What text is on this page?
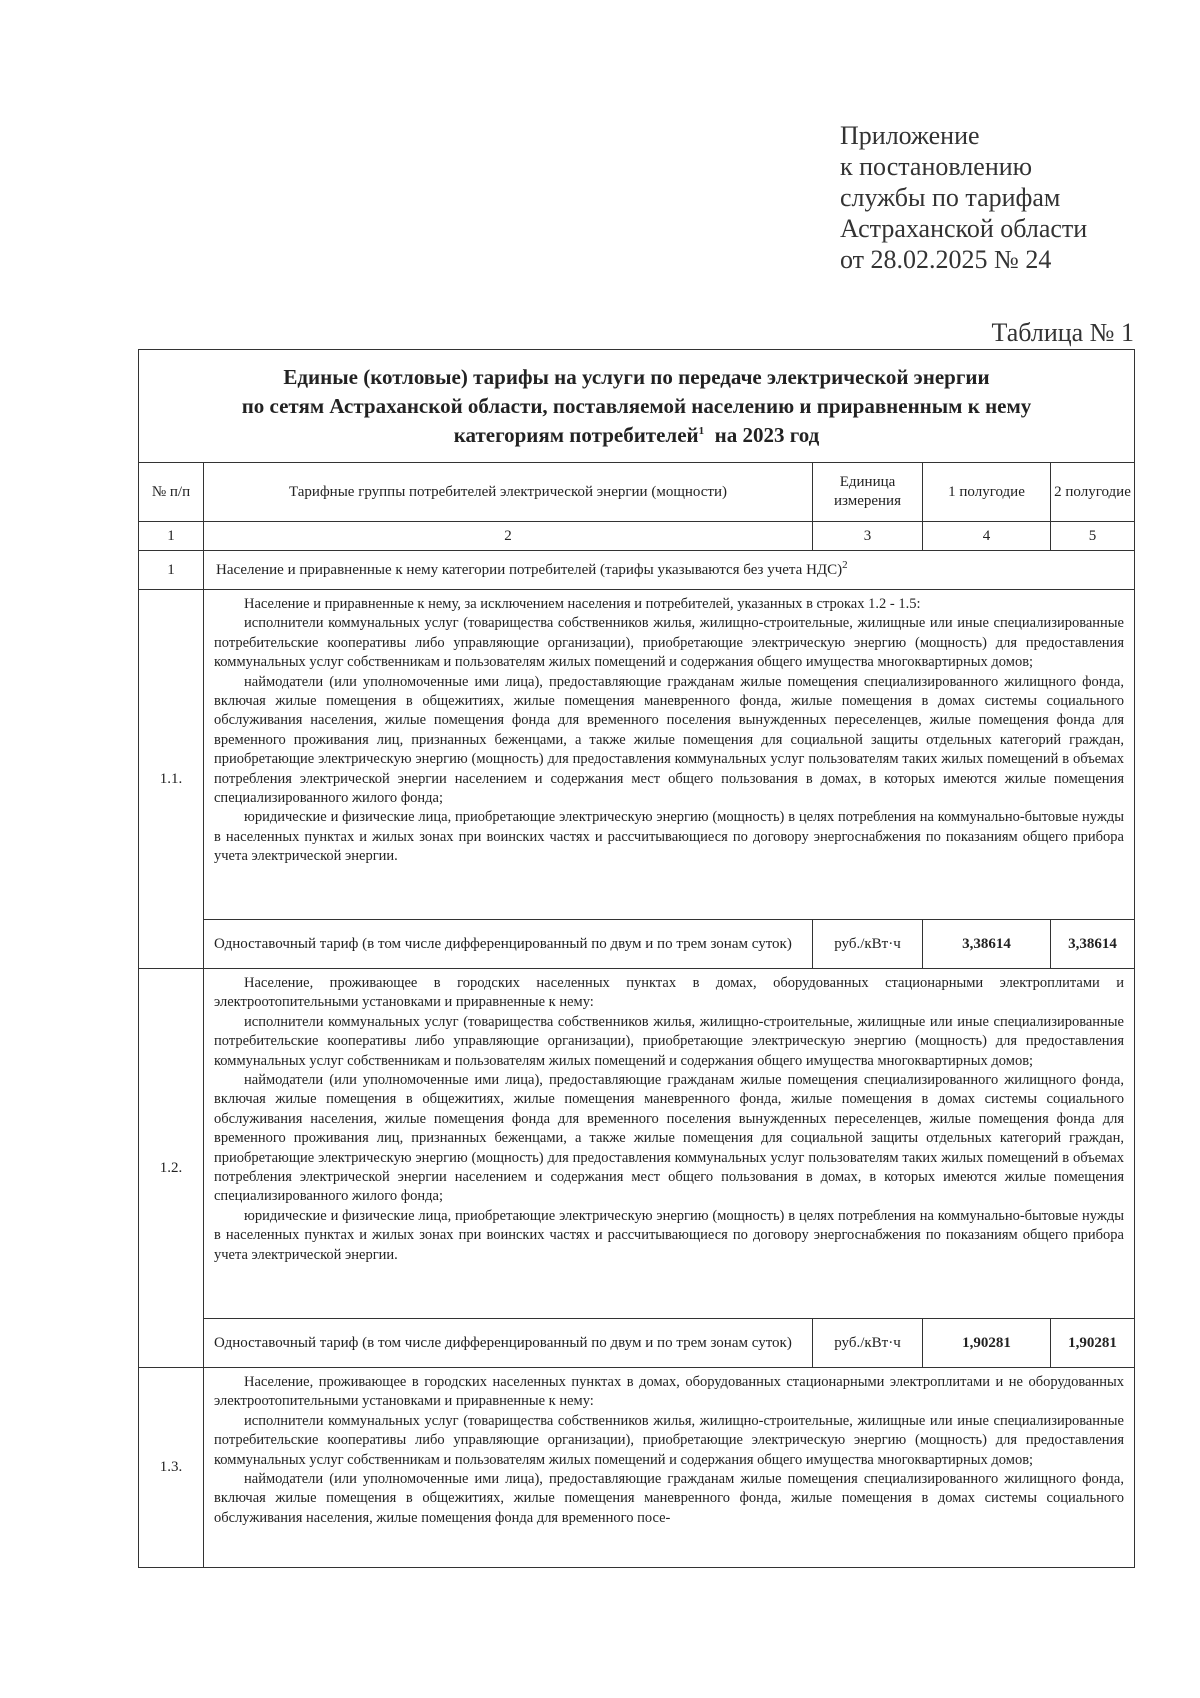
Приложение
к постановлению
службы по тарифам
Астраханской области
от 28.02.2025 № 24
Таблица № 1
Единые (котловые) тарифы на услуги по передаче электрической энергии
по сетям Астраханской области, поставляемой населению и приравненным к нему
категориям потребителей$^1$ на 2023 год				

№ п/п	Тарифные группы потребителей электрической энергии (мощности)	Единица измерения	1 полугодие	2 полугодие
1	2	3	4	5
1	Население и приравненные к нему категории потребителей (тарифы указываются без учета НДС)$^2$
1.1.	Население и приравненные к нему, за исключением населения и потребителей, указанных в строках 1.2 - 1.5:

исполнители коммунальных услуг (товарищества собственников жилья, жилищно-строительные, жилищные или иные специализированные потребительские кооперативы либо управляющие организации), приобретающие электрическую энергию (мощность) для предоставления коммунальных услуг собственникам и пользователям жилых помещений и содержания общего имущества многоквартирных домов;

наймодатели (или уполномоченные ими лица), предоставляющие гражданам жилые помещения специализированного жилищного фонда, включая жилые помещения в общежитиях, жилые помещения маневренного фонда, жилые помещения в домах системы социального обслуживания населения, жилые помещения фонда для временного поселения вынужденных переселенцев, жилые помещения фонда для временного проживания лиц, признанных беженцами, а также жилые помещения для социальной защиты отдельных категорий граждан, приобретающие электрическую энергию (мощность) для предоставления коммунальных услуг пользователям таких жилых помещений в объемах потребления электрической энергии населением и содержания мест общего пользования в домах, в которых имеются жилые помещения специализированного жилого фонда;

юридические и физические лица, приобретающие электрическую энергию (мощность) в целях потребления на коммунально-бытовые нужды в населенных пунктах и жилых зонах при воинских частях и рассчитывающиеся по договору энергоснабжения по показаниям общего прибора учета электрической энергии.			

	Одноставочный тариф (в том числе дифференцированный по двум и по трем зонам суток)	руб./кВт·ч	3,38614	3,38614
1.2.	Население, проживающее в городских населенных пунктах в домах, оборудованных стационарными электроплитами и электроотопительными установками и приравненные к нему:

исполнители коммунальных услуг (товарищества собственников жилья, жилищно-строительные, жилищные или иные специализированные потребительские кооперативы либо управляющие организации), приобретающие электрическую энергию (мощность) для предоставления коммунальных услуг собственникам и пользователям жилых помещений и содержания общего имущества многоквартирных домов;

наймодатели (или уполномоченные ими лица), предоставляющие гражданам жилые помещения специализированного жилищного фонда, включая жилые помещения в общежитиях, жилые помещения маневренного фонда, жилые помещения в домах системы социального обслуживания населения, жилые помещения фонда для временного поселения вынужденных переселенцев, жилые помещения фонда для временного проживания лиц, признанных беженцами, а также жилые помещения для социальной защиты отдельных категорий граждан, приобретающие электрическую энергию (мощность) для предоставления коммунальных услуг пользователям таких жилых помещений в объемах потребления электрической энергии населением и содержания мест общего пользования в домах, в которых имеются жилые помещения специализированного жилого фонда;

юридические и физические лица, приобретающие электрическую энергию (мощность) в целях потребления на коммунально-бытовые нужды в населенных пунктах и жилых зонах при воинских частях и рассчитывающиеся по договору энергоснабжения по показаниям общего прибора учета электрической энергии.			

	Одноставочный тариф (в том числе дифференцированный по двум и по трем зонам суток)	руб./кВт·ч	1,90281	1,90281
1.3.	Население, проживающее в городских населенных пунктах в домах, оборудованных стационарными электроплитами и не оборудованных электроотопительными установками и приравненные к нему:

исполнители коммунальных услуг (товарищества собственников жилья, жилищно-строительные, жилищные или иные специализированные потребительские кооперативы либо управляющие организации), приобретающие электрическую энергию (мощность) для предоставления коммунальных услуг собственникам и пользователям жилых помещений и содержания общего имущества многоквартирных домов;

наймодатели (или уполномоченные ими лица), предоставляющие гражданам жилые помещения специализированного жилищного фонда, включая жилые помещения в общежитиях, жилые помещения маневренного фонда, жилые помещения в домах системы социального обслуживания населения, жилые помещения фонда для временного посе-			
